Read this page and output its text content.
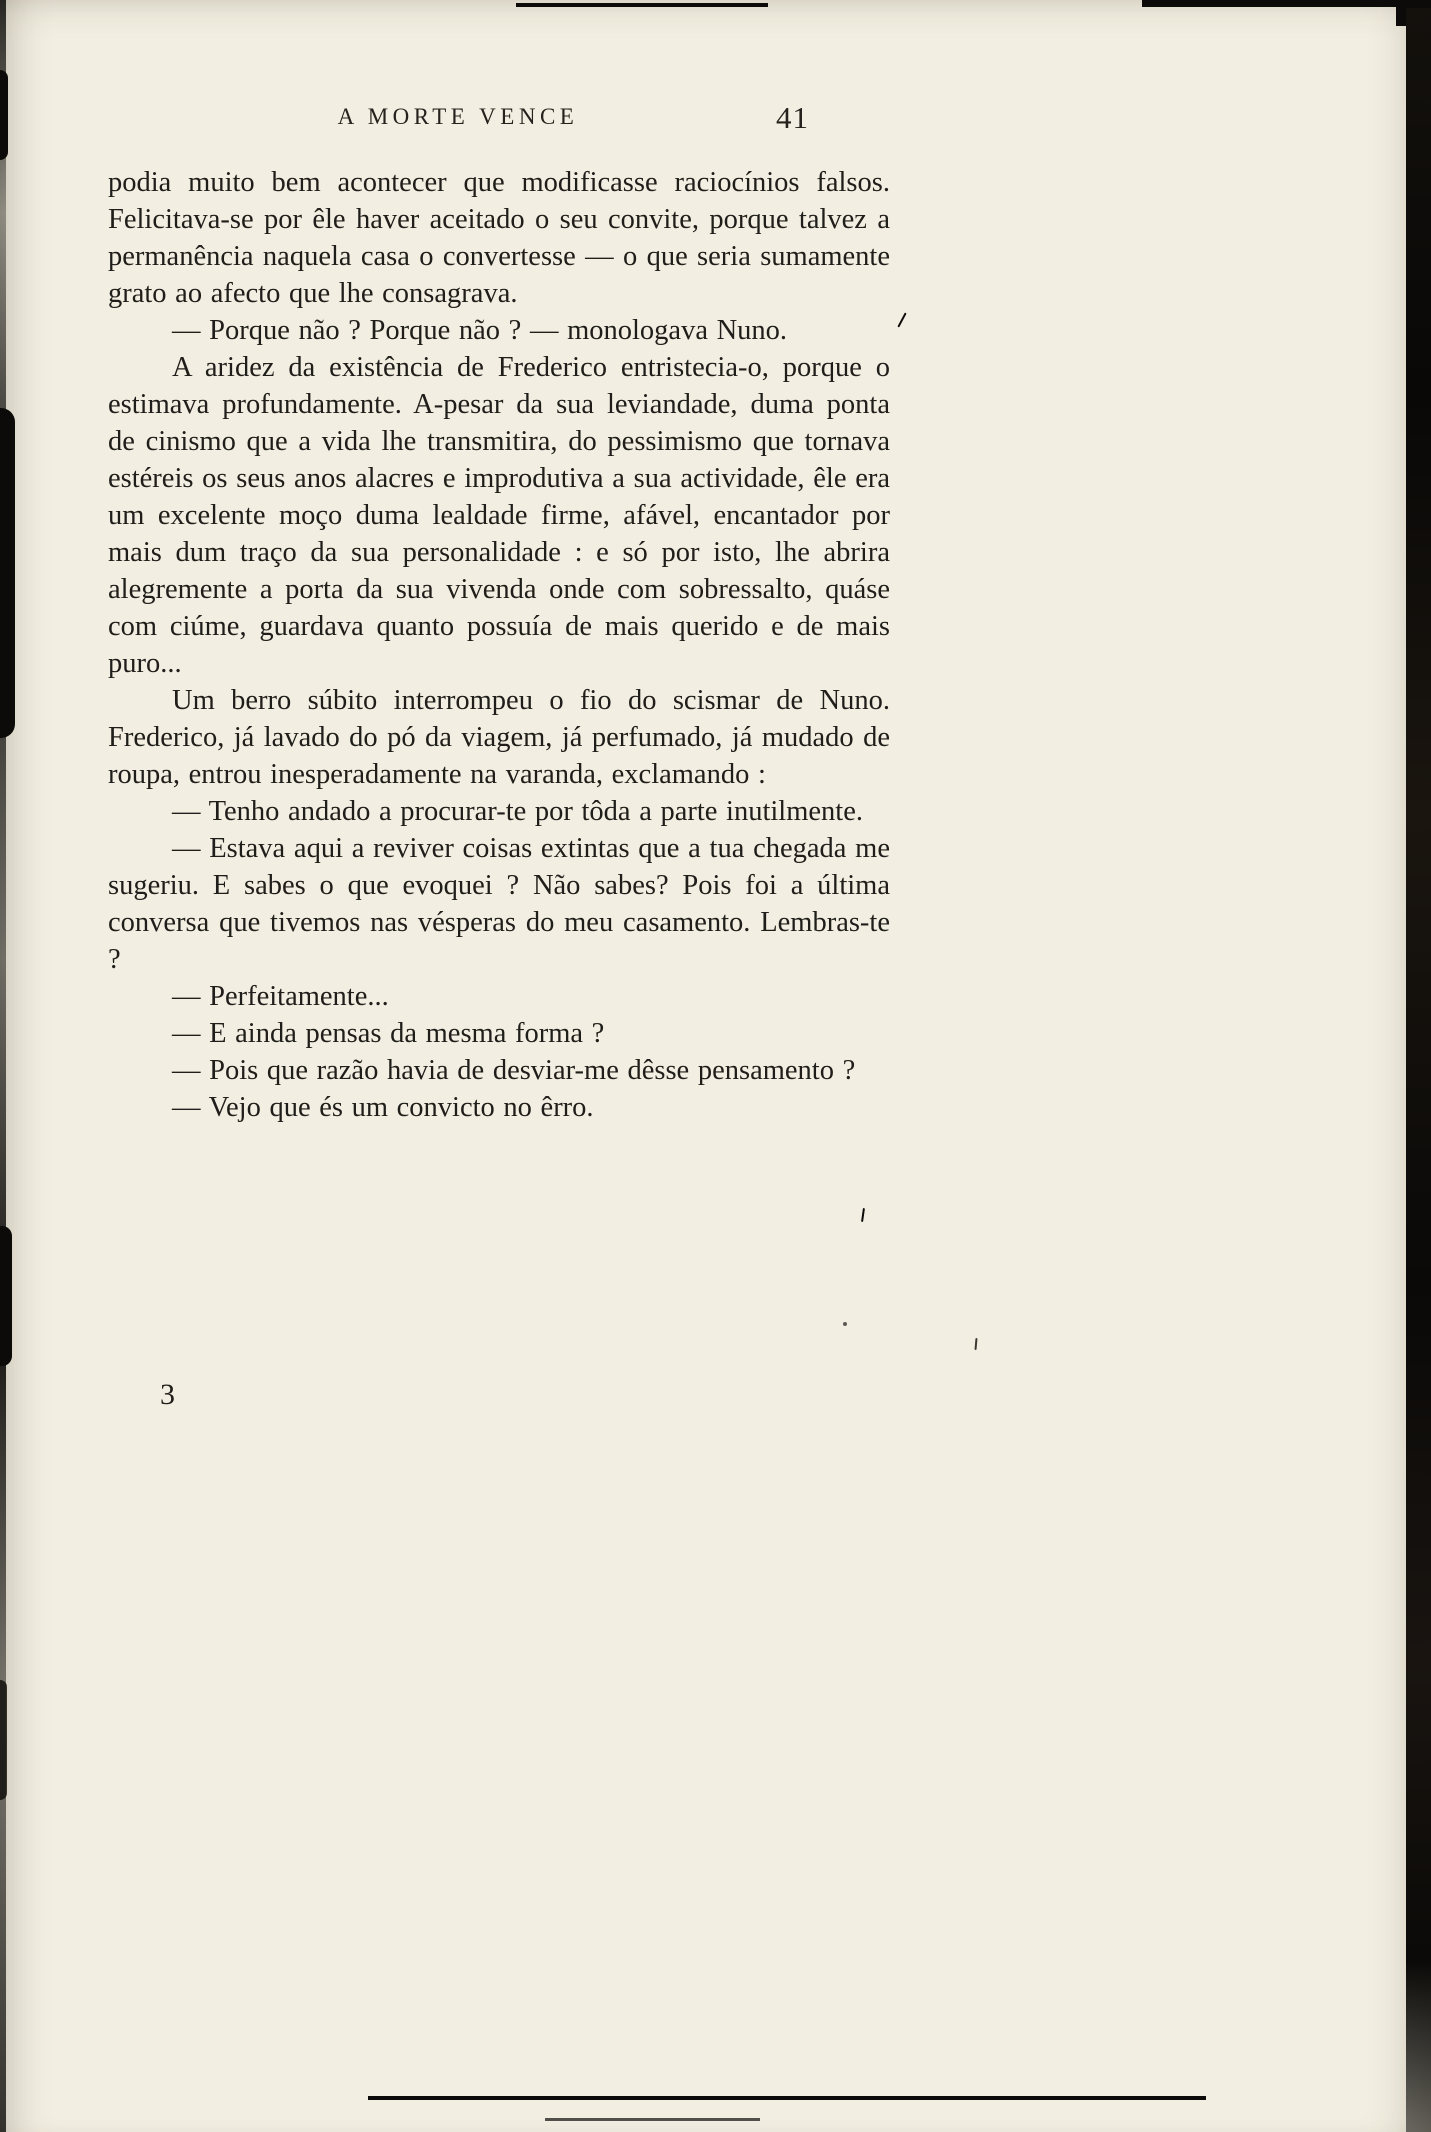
A MORTE VENCE	41

podia muito bem acontecer que modificasse raciocínios falsos. Felicitava-se por êle haver aceitado o seu convite, porque talvez a permanência naquela casa o convertesse — o que seria sumamente grato ao afecto que lhe consagrava.

— Porque não ? Porque não ? — monologava Nuno.

A aridez da existência de Frederico entristecia-o, porque o estimava profundamente. A-pesar da sua leviandade, duma ponta de cinismo que a vida lhe transmitira, do pessimismo que tornava estéreis os seus anos alacres e improdutiva a sua actividade, êle era um excelente moço duma lealdade firme, afável, encantador por mais dum traço da sua personalidade : e só por isto, lhe abrira alegremente a porta da sua vivenda onde com sobressalto, quáse com ciúme, guardava quanto possuía de mais querido e de mais puro...

Um berro súbito interrompeu o fio do scismar de Nuno. Frederico, já lavado do pó da viagem, já perfumado, já mudado de roupa, entrou inesperadamente na varanda, exclamando :

— Tenho andado a procurar-te por tôda a parte inutilmente.

— Estava aqui a reviver coisas extintas que a tua chegada me sugeriu. E sabes o que evoquei ? Não sabes? Pois foi a última conversa que tivemos nas vésperas do meu casamento. Lembras-te ?

— Perfeitamente...

— E ainda pensas da mesma forma ?

— Pois que razão havia de desviar-me dêsse pensamento ?

— Vejo que és um convicto no êrro.

3
